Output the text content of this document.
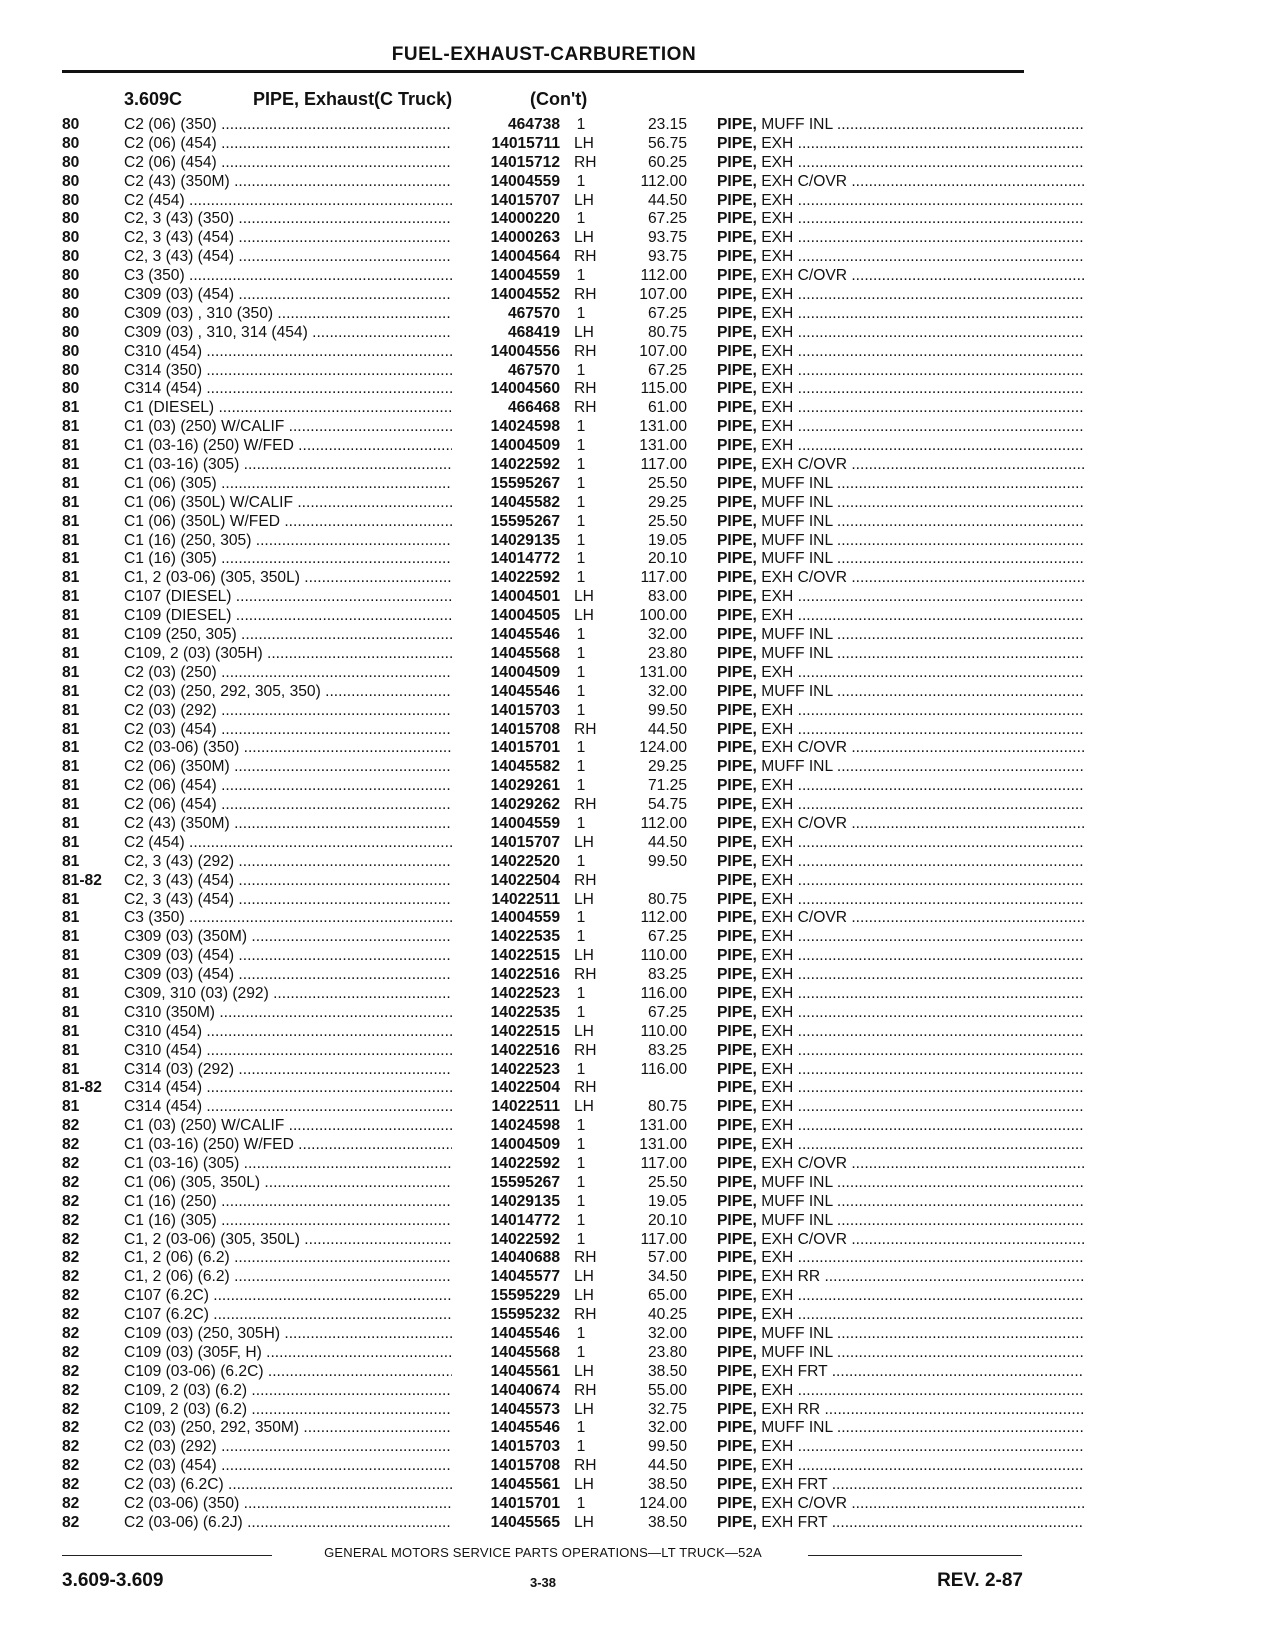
FUEL-EXHAUST-CARBURETION
3.609C	PIPE, Exhaust(C Truck)	(Con't)
80	C2 (06) (350) .....	464738 1	23.15 PIPE, MUFF INL .....
80	C2 (06) (454) .....	14015711 LH	56.75 PIPE, EXH .....
80	C2 (06) (454) .....	14015712 RH	60.25 PIPE, EXH .....
80	C2 (43) (350M) .....	14004559 1	112.00 PIPE, EXH C/OVR .....
80	C2 (454) .....	14015707 LH	44.50 PIPE, EXH .....
80	C2, 3 (43) (350) .....	14000220 1	67.25 PIPE, EXH .....
80	C2, 3 (43) (454) .....	14000263 LH	93.75 PIPE, EXH .....
80	C2, 3 (43) (454) .....	14004564 RH	93.75 PIPE, EXH .....
80	C3 (350) .....	14004559 1	112.00 PIPE, EXH C/OVR .....
80	C309 (03) (454) .....	14004552 RH	107.00 PIPE, EXH .....
80	C309 (03) , 310 (350) .....	467570 1	67.25 PIPE, EXH .....
80	C309 (03) , 310, 314 (454) .....	468419 LH	80.75 PIPE, EXH .....
80	C310 (454) .....	14004556 RH	107.00 PIPE, EXH .....
80	C314 (350) .....	467570 1	67.25 PIPE, EXH .....
80	C314 (454) .....	14004560 RH	115.00 PIPE, EXH .....
81	C1 (DIESEL) .....	466468 RH	61.00 PIPE, EXH .....
81	C1 (03) (250) W/CALIF .....	14024598 1	131.00 PIPE, EXH .....
81	C1 (03-16) (250) W/FED .....	14004509 1	131.00 PIPE, EXH .....
81	C1 (03-16) (305) .....	14022592 1	117.00 PIPE, EXH C/OVR .....
81	C1 (06) (305) .....	15595267 1	25.50 PIPE, MUFF INL .....
81	C1 (06) (350L) W/CALIF .....	14045582 1	29.25 PIPE, MUFF INL .....
81	C1 (06) (350L) W/FED .....	15595267 1	25.50 PIPE, MUFF INL .....
81	C1 (16) (250, 305) .....	14029135 1	19.05 PIPE, MUFF INL .....
81	C1 (16) (305) .....	14014772 1	20.10 PIPE, MUFF INL .....
81	C1, 2 (03-06) (305, 350L) .....	14022592 1	117.00 PIPE, EXH C/OVR .....
81	C107 (DIESEL) .....	14004501 LH	83.00 PIPE, EXH .....
81	C109 (DIESEL) .....	14004505 LH	100.00 PIPE, EXH .....
81	C109 (250, 305) .....	14045546 1	32.00 PIPE, MUFF INL .....
81	C109, 2 (03) (305H) .....	14045568 1	23.80 PIPE, MUFF INL .....
81	C2 (03) (250) .....	14004509 1	131.00 PIPE, EXH .....
81	C2 (03) (250, 292, 305, 350) .....	14045546 1	32.00 PIPE, MUFF INL .....
81	C2 (03) (292) .....	14015703 1	99.50 PIPE, EXH .....
81	C2 (03) (454) .....	14015708 RH	44.50 PIPE, EXH .....
81	C2 (03-06) (350) .....	14015701 1	124.00 PIPE, EXH C/OVR .....
81	C2 (06) (350M) .....	14045582 1	29.25 PIPE, MUFF INL .....
81	C2 (06) (454) .....	14029261 1	71.25 PIPE, EXH .....
81	C2 (06) (454) .....	14029262 RH	54.75 PIPE, EXH .....
81	C2 (43) (350M) .....	14004559 1	112.00 PIPE, EXH C/OVR .....
81	C2 (454) .....	14015707 LH	44.50 PIPE, EXH .....
81	C2, 3 (43) (292) .....	14022520 1	99.50 PIPE, EXH .....
81-82 C2, 3 (43) (454) .....	14022504 RH	PIPE, EXH .....
81	C2, 3 (43) (454) .....	14022511 LH	80.75 PIPE, EXH .....
81	C3 (350) .....	14004559 1	112.00 PIPE, EXH C/OVR .....
81	C309 (03) (350M) .....	14022535 1	67.25 PIPE, EXH .....
81	C309 (03) (454) .....	14022515 LH	110.00 PIPE, EXH .....
81	C309 (03) (454) .....	14022516 RH	83.25 PIPE, EXH .....
81	C309, 310 (03) (292) .....	14022523 1	116.00 PIPE, EXH .....
81	C310 (350M) .....	14022535 1	67.25 PIPE, EXH .....
81	C310 (454) .....	14022515 LH	110.00 PIPE, EXH .....
81	C310 (454) .....	14022516 RH	83.25 PIPE, EXH .....
81	C314 (03) (292) .....	14022523 1	116.00 PIPE, EXH .....
81-82 C314 (454) .....	14022504 RH	PIPE, EXH .....
81	C314 (454) .....	14022511 LH	80.75 PIPE, EXH .....
82	C1 (03) (250) W/CALIF .....	14024598 1	131.00 PIPE, EXH .....
82	C1 (03-16) (250) W/FED .....	14004509 1	131.00 PIPE, EXH .....
82	C1 (03-16) (305) .....	14022592 1	117.00 PIPE, EXH C/OVR .....
82	C1 (06) (305, 350L) .....	15595267 1	25.50 PIPE, MUFF INL .....
82	C1 (16) (250) .....	14029135 1	19.05 PIPE, MUFF INL .....
82	C1 (16) (305) .....	14014772 1	20.10 PIPE, MUFF INL .....
82	C1, 2 (03-06) (305, 350L) .....	14022592 1	117.00 PIPE, EXH C/OVR .....
82	C1, 2 (06) (6.2) .....	14040688 RH	57.00 PIPE, EXH .....
82	C1, 2 (06) (6.2) .....	14045577 LH	34.50 PIPE, EXH RR .....
82	C107 (6.2C) .....	15595229 LH	65.00 PIPE, EXH .....
82	C107 (6.2C) .....	15595232 RH	40.25 PIPE, EXH .....
82	C109 (03) (250, 305H) .....	14045546 1	32.00 PIPE, MUFF INL .....
82	C109 (03) (305F, H) .....	14045568 1	23.80 PIPE, MUFF INL .....
82	C109 (03-06) (6.2C) .....	14045561 LH	38.50 PIPE, EXH FRT .....
82	C109, 2 (03) (6.2) .....	14040674 RH	55.00 PIPE, EXH .....
82	C109, 2 (03) (6.2) .....	14045573 LH	32.75 PIPE, EXH RR .....
82	C2 (03) (250, 292, 350M) .....	14045546 1	32.00 PIPE, MUFF INL .....
82	C2 (03) (292) .....	14015703 1	99.50 PIPE, EXH .....
82	C2 (03) (454) .....	14015708 RH	44.50 PIPE, EXH .....
82	C2 (03) (6.2C) .....	14045561 LH	38.50 PIPE, EXH FRT .....
82	C2 (03-06) (350) .....	14015701 1	124.00 PIPE, EXH C/OVR .....
82	C2 (03-06) (6.2J) .....	14045565 LH	38.50 PIPE, EXH FRT .....
GENERAL MOTORS SERVICE PARTS OPERATIONS—LT TRUCK—52A
3.609-3.609	3-38	REV. 2-87
